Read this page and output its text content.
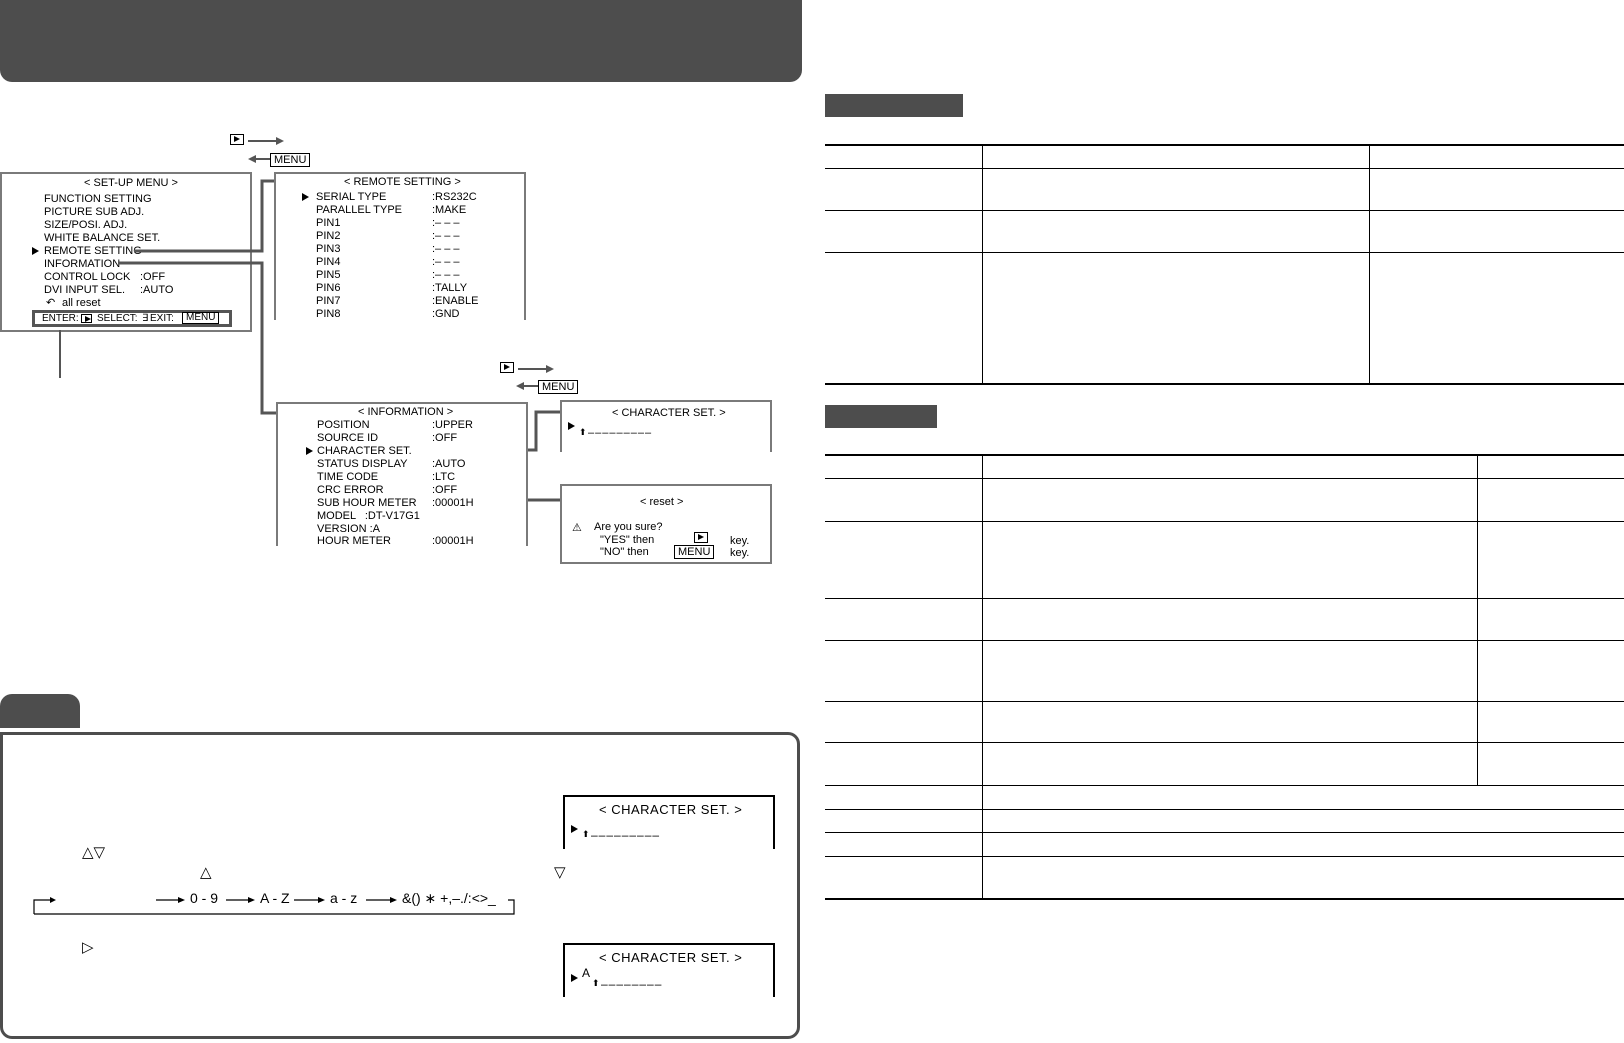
MENU
< SET-UP MENU >
FUNCTION SETTING
PICTURE SUB ADJ.
SIZE/POSI. ADJ.
WHITE BALANCE SET.
REMOTE SETTING
INFORMATION
CONTROL LOCK :OFF
DVI INPUT SEL. :AUTO
↶ all reset
ENTER: SELECT: ∃ EXIT:	MENU
< REMOTE SETTING >
SERIAL TYPE	:RS232C
PARALLEL TYPE	:MAKE
PIN1	:– – –
PIN2	:– – –
PIN3	:– – –
PIN4	:– – –
PIN5	:– – –
PIN6	:TALLY
PIN7	:ENABLE
PIN8	:GND

MENU
< INFORMATION >
POSITION	:UPPER
SOURCE ID	:OFF
CHARACTER SET.
STATUS DISPLAY :AUTO
TIME CODE	:LTC
CRC ERROR	:OFF
SUB HOUR METER :00001H
MODEL   :DT-V17G1
VERSION :A
HOUR METER	:00001H
< CHARACTER SET. >
⬆ –––––––––
< reset >
⚠ Are you sure?
"YES" then	key.
"NO" then	MENU	key.
△▽
△	▽
▷
0 - 9	A - Z	a - z	&() ∗ +,–./:<>_
< CHARACTER SET. >
⬆ –––––––––
< CHARACTER SET. >
A
⬆ ––––––––
